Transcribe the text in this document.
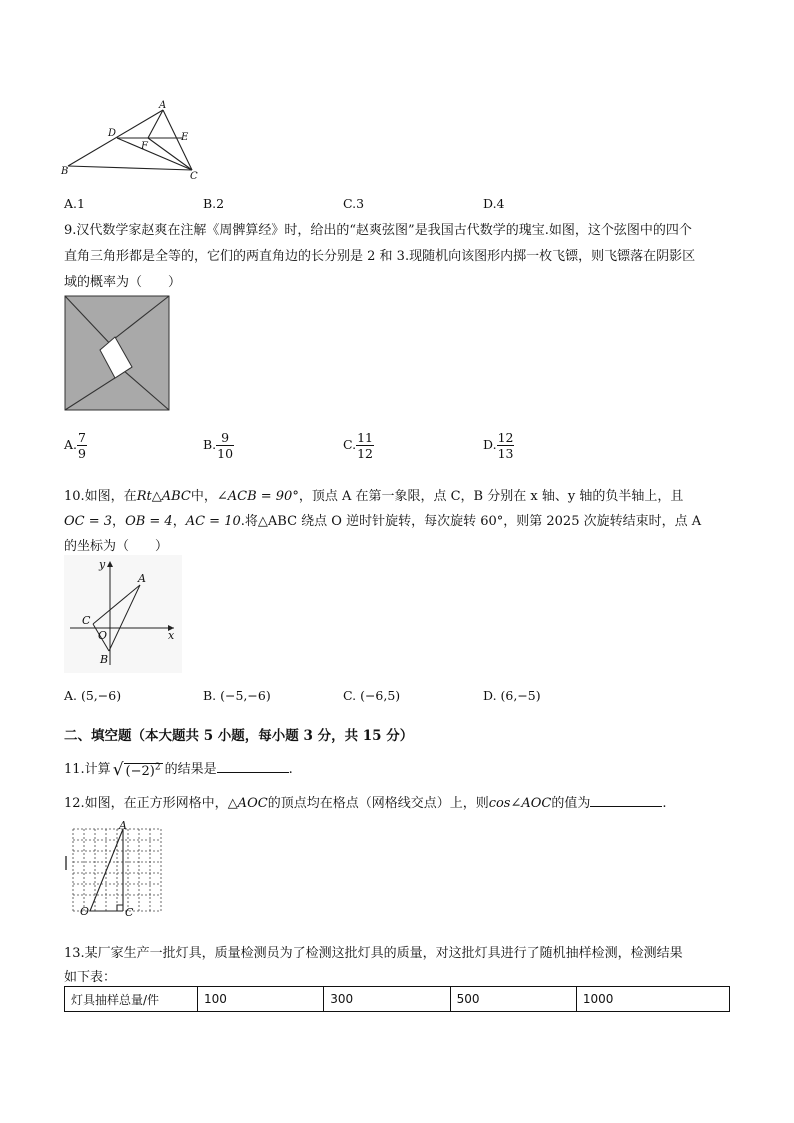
A
B	C
D	E
F
A.1	B.2	C.3	D.4
9.汉代数学家赵爽在注解《周髀算经》时，给出的“赵爽弦图”是我国古代数学的瑰宝.如图，这个弦图中的四个
直角三角形都是全等的，它们的两直角边的长分别是 2 和 3.现随机向该图形内掷一枚飞镖，则飞镖落在阴影区
域的概率为（　　）
A. $\frac{7}{9}$	B. $\frac{9}{10}$	C. $\frac{11}{12}$	D. $\frac{12}{13}$
10.如图，在Rt△ABC中，∠ACB = 90°，顶点 A 在第一象限，点 C，B 分别在 x 轴、y 轴的负半轴上，且
OC = 3，OB = 4，AC = 10.将△ABC 绕点 O 逆时针旋转，每次旋转 60°，则第 2025 次旋转结束时，点 A
的坐标为（　　）
y
x
A
C
O
B
A. (5,−6)	B. (−5,−6)	C. (−6,5)	D. (6,−5)
二、填空题（本大题共 5 小题，每小题 3 分，共 15 分）
11.计算 √ $(-2)^2$ 的结果是	.
12.如图，在正方形网格中，△AOC的顶点均在格点（网格线交点）上，则cos∠AOC的值为	.
A
O	C
13.某厂家生产一批灯具，质量检测员为了检测这批灯具的质量，对这批灯具进行了随机抽样检测，检测结果
如下表：
灯具抽样总量/件	100	300	500	1000
